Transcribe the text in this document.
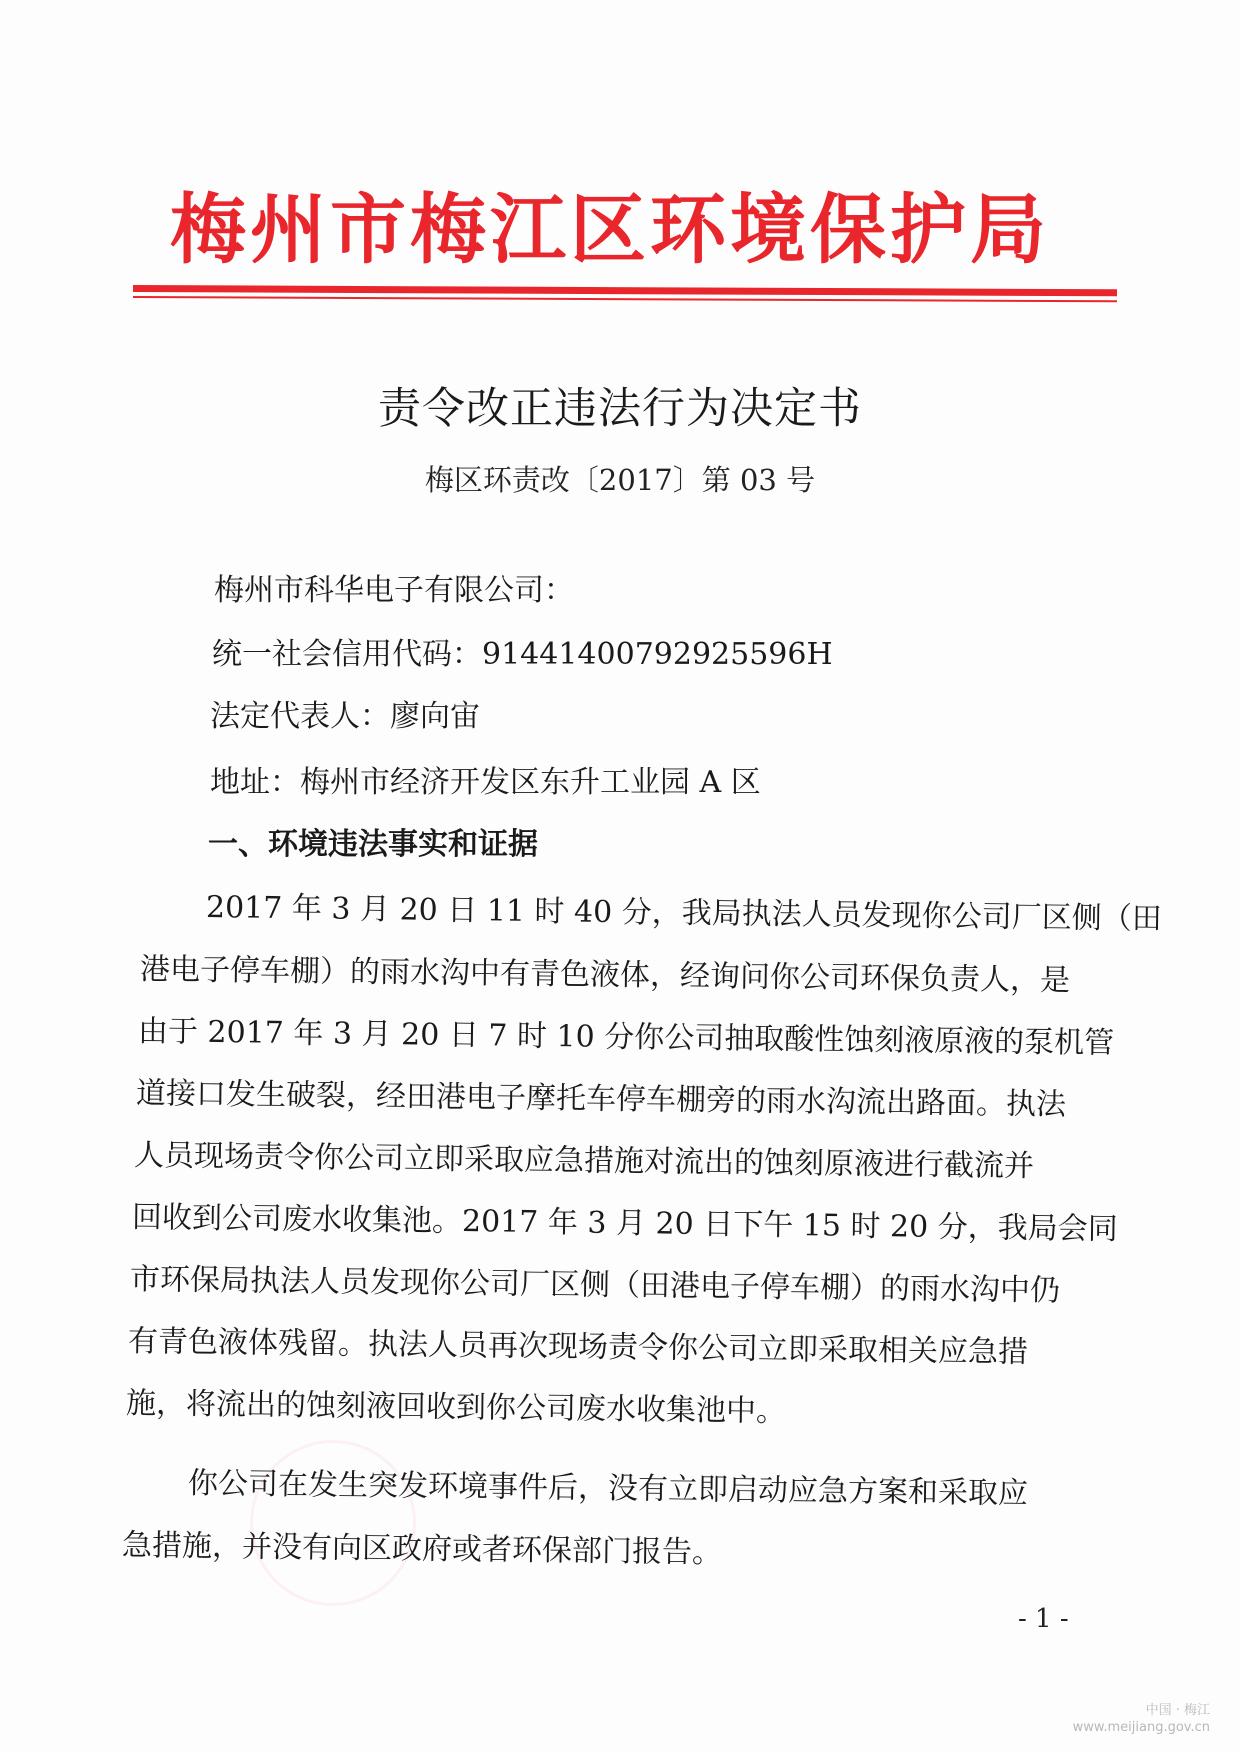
梅州市梅江区环境保护局
责令改正违法行为决定书
梅区环责改〔2017〕第 03 号
梅州市科华电子有限公司：
统一社会信用代码：91441400792925596H
法定代表人：廖向宙
地址：梅州市经济开发区东升工业园 A 区
一、环境违法事实和证据
2017 年 3 月 20 日 11 时 40 分，我局执法人员发现你公司厂区侧（田
港电子停车棚）的雨水沟中有青色液体，经询问你公司环保负责人，是
由于 2017 年 3 月 20 日 7 时 10 分你公司抽取酸性蚀刻液原液的泵机管
道接口发生破裂，经田港电子摩托车停车棚旁的雨水沟流出路面。执法
人员现场责令你公司立即采取应急措施对流出的蚀刻原液进行截流并
回收到公司废水收集池。2017 年 3 月 20 日下午 15 时 20 分，我局会同
市环保局执法人员发现你公司厂区侧（田港电子停车棚）的雨水沟中仍
有青色液体残留。执法人员再次现场责令你公司立即采取相关应急措
施，将流出的蚀刻液回收到你公司废水收集池中。
你公司在发生突发环境事件后，没有立即启动应急方案和采取应
急措施，并没有向区政府或者环保部门报告。
- 1 -
中国 · 梅江
www.meijiang.gov.cn
